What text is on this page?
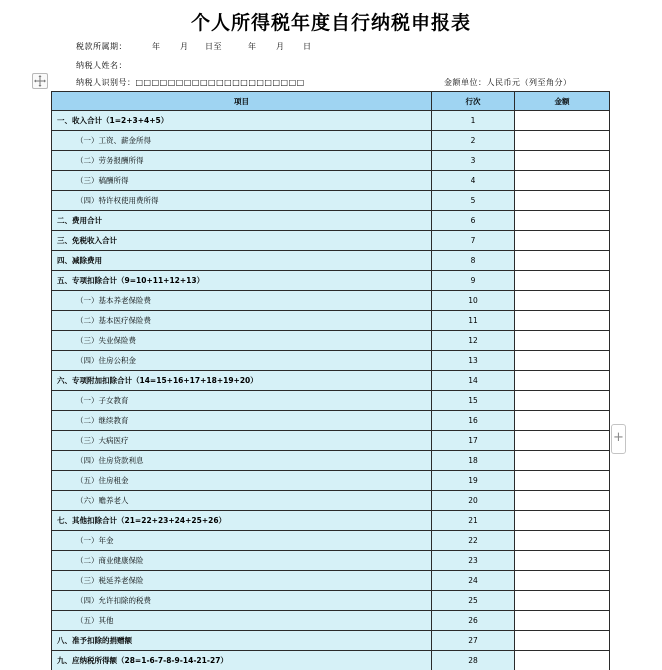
个人所得税年度自行纳税申报表
税款所属期：	年 月 日至	年 月 日
纳税人姓名：
纳税人识别号：□□□□□□□□□□□□□□□□□□□□□	金额单位：人民币元（列至角分）
+
项目	行次	金额
一、收入合计（1=2+3+4+5）	1	
（一）工资、薪金所得	2	
（二）劳务报酬所得	3	
（三）稿酬所得	4	
（四）特许权使用费所得	5	
二、费用合计	6	
三、免税收入合计	7	
四、减除费用	8	
五、专项扣除合计（9=10+11+12+13）	9	
（一）基本养老保险费	10	
（二）基本医疗保险费	11	
（三）失业保险费	12	
（四）住房公积金	13	
六、专项附加扣除合计（14=15+16+17+18+19+20）	14	
（一）子女教育	15	
（二）继续教育	16	
（三）大病医疗	17	
（四）住房贷款利息	18	
（五）住房租金	19	
（六）赡养老人	20	
七、其他扣除合计（21=22+23+24+25+26）	21	
（一）年金	22	
（二）商业健康保险	23	
（三）税延养老保险	24	
（四）允许扣除的税费	25	
（五）其他	26	
八、准予扣除的捐赠额	27	
九、应纳税所得额（28=1-6-7-8-9-14-21-27）	28	
